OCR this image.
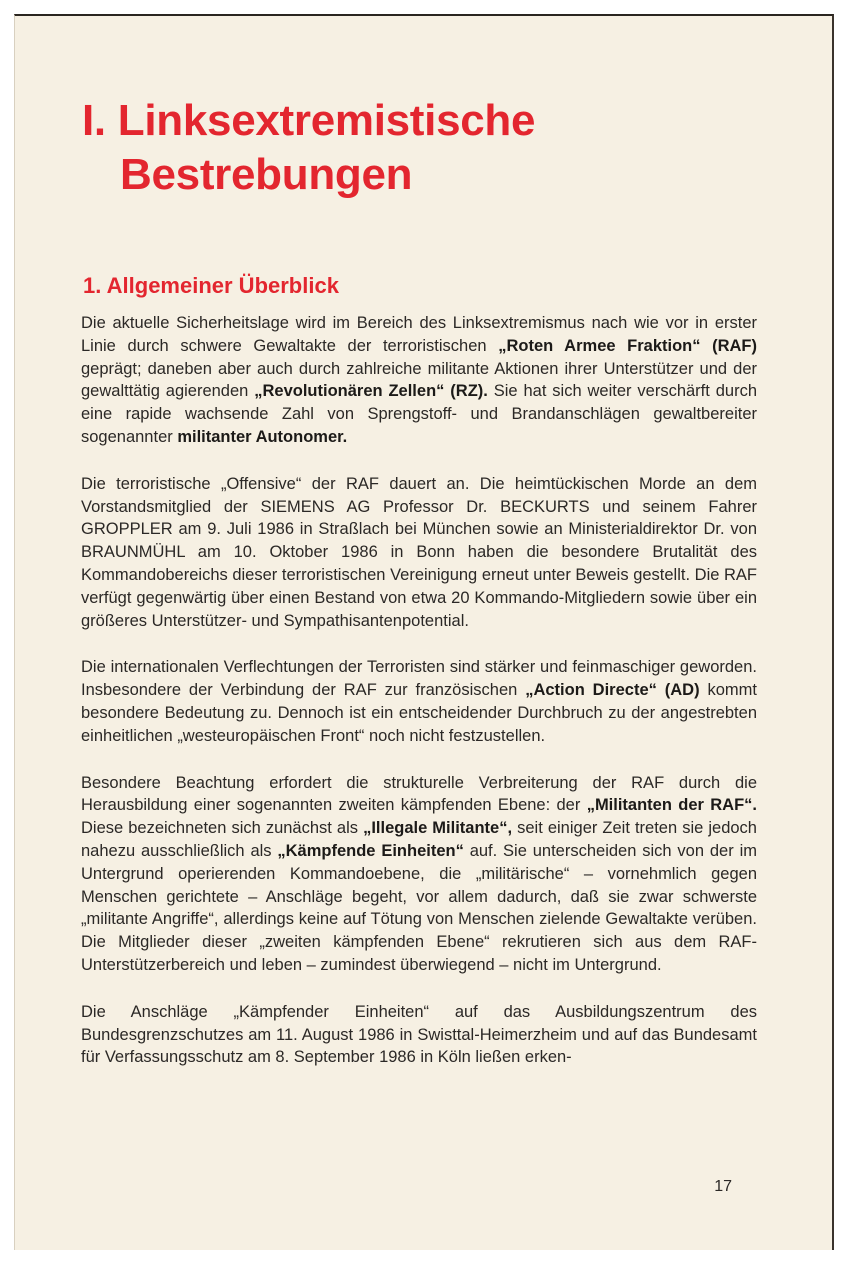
I. Linksextremistische
Bestrebungen
1. Allgemeiner Überblick

Die aktuelle Sicherheitslage wird im Bereich des Linksextremismus nach wie vor in erster Linie durch schwere Gewaltakte der terroristischen „Roten Armee Fraktion“ (RAF) geprägt; daneben aber auch durch zahlreiche militante Aktionen ihrer Unterstützer und der gewalttätig agierenden „Revolutionären Zellen“ (RZ). Sie hat sich weiter verschärft durch eine rapide wachsende Zahl von Sprengstoff- und Brandanschlägen gewaltbereiter sogenannter militanter Autonomer.

Die terroristische „Offensive“ der RAF dauert an. Die heimtückischen Morde an dem Vorstandsmitglied der SIEMENS AG Professor Dr. BECKURTS und seinem Fahrer GROPPLER am 9. Juli 1986 in Straßlach bei München sowie an Ministerialdirektor Dr. von BRAUNMÜHL am 10. Oktober 1986 in Bonn haben die besondere Brutalität des Kommandobereichs dieser terroristischen Vereinigung erneut unter Beweis gestellt. Die RAF verfügt gegenwärtig über einen Bestand von etwa 20 Kommando-Mitgliedern sowie über ein größeres Unterstützer- und Sympathisantenpotential.

Die internationalen Verflechtungen der Terroristen sind stärker und feinmaschiger geworden. Insbesondere der Verbindung der RAF zur französischen „Action Directe“ (AD) kommt besondere Bedeutung zu. Dennoch ist ein entscheidender Durchbruch zu der angestrebten einheitlichen „westeuropäischen Front“ noch nicht festzustellen.

Besondere Beachtung erfordert die strukturelle Verbreiterung der RAF durch die Herausbildung einer sogenannten zweiten kämpfenden Ebene: der „Militanten der RAF“. Diese bezeichneten sich zunächst als „Illegale Militante“, seit einiger Zeit treten sie jedoch nahezu ausschließlich als „Kämpfende Einheiten“ auf. Sie unterscheiden sich von der im Untergrund operierenden Kommandoebene, die „militärische“ – vornehmlich gegen Menschen gerichtete – Anschläge begeht, vor allem dadurch, daß sie zwar schwerste „militante Angriffe“, allerdings keine auf Tötung von Menschen zielende Gewaltakte verüben. Die Mitglieder dieser „zweiten kämpfenden Ebene“ rekrutieren sich aus dem RAF-Unterstützerbereich und leben – zumindest überwiegend – nicht im Untergrund.

Die Anschläge „Kämpfender Einheiten“ auf das Ausbildungszentrum des Bundesgrenzschutzes am 11. August 1986 in Swisttal-Heimerzheim und auf das Bundesamt für Verfassungsschutz am 8. September 1986 in Köln ließen erken-

17
